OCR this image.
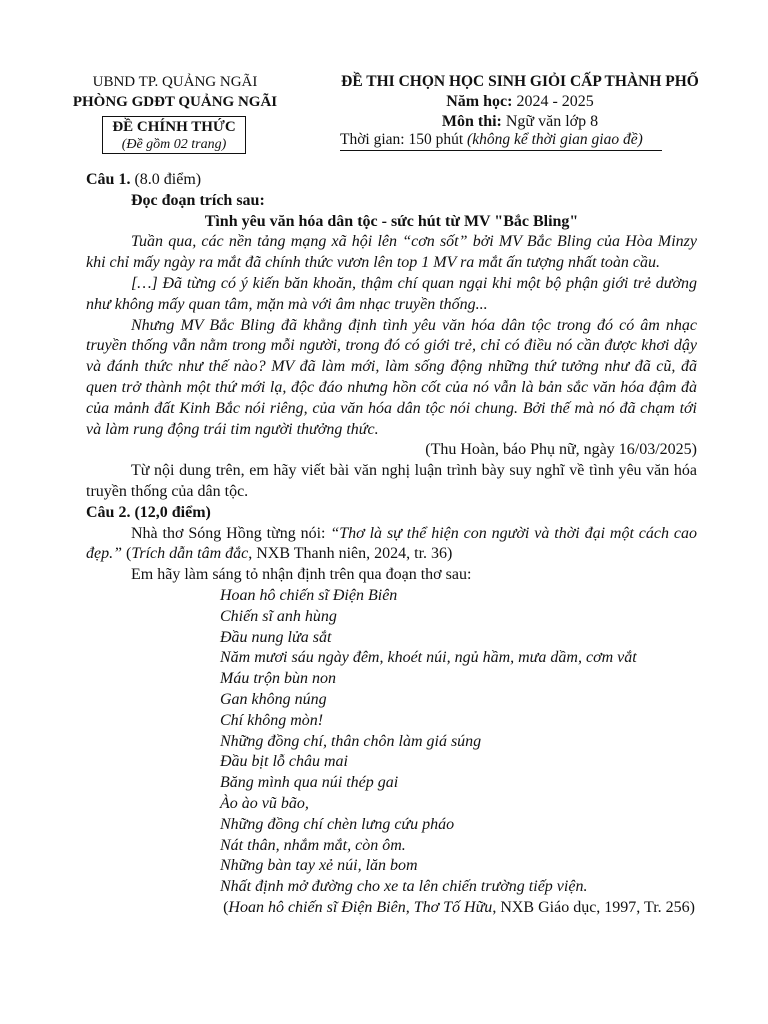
UBND TP. QUẢNG NGÃI
PHÒNG GDĐT QUẢNG NGÃI
ĐỀ CHÍNH THỨC
(Đề gồm 02 trang)
ĐỀ THI CHỌN HỌC SINH GIỎI CẤP THÀNH PHỐ
Năm học: 2024 - 2025
Môn thi: Ngữ văn lớp 8
Thời gian: 150 phút (không kể thời gian giao đề)

Câu 1. (8.0 điểm)

Đọc đoạn trích sau:

Tình yêu văn hóa dân tộc - sức hút từ MV "Bắc Bling"

Tuần qua, các nền tảng mạng xã hội lên “cơn sốt” bởi MV Bắc Bling của Hòa Minzy khi chỉ mấy ngày ra mắt đã chính thức vươn lên top 1 MV ra mắt ấn tượng nhất toàn cầu.

[…] Đã từng có ý kiến băn khoăn, thậm chí quan ngại khi một bộ phận giới trẻ dường như không mấy quan tâm, mặn mà với âm nhạc truyền thống...

Nhưng MV Bắc Bling đã khẳng định tình yêu văn hóa dân tộc trong đó có âm nhạc truyền thống vẫn nằm trong mỗi người, trong đó có giới trẻ, chỉ có điều nó cần được khơi dậy và đánh thức như thế nào? MV đã làm mới, làm sống động những thứ tưởng như đã cũ, đã quen trở thành một thứ mới lạ, độc đáo nhưng hồn cốt của nó vẫn là bản sắc văn hóa đậm đà của mảnh đất Kinh Bắc nói riêng, của văn hóa dân tộc nói chung. Bởi thế mà nó đã chạm tới và làm rung động trái tim người thưởng thức.

(Thu Hoàn, báo Phụ nữ, ngày 16/03/2025)

Từ nội dung trên, em hãy viết bài văn nghị luận trình bày suy nghĩ về tình yêu văn hóa truyền thống của dân tộc.

Câu 2. (12,0 điểm)

Nhà thơ Sóng Hồng từng nói: “Thơ là sự thể hiện con người và thời đại một cách cao đẹp.” (Trích dẫn tâm đắc, NXB Thanh niên, 2024, tr. 36)

Em hãy làm sáng tỏ nhận định trên qua đoạn thơ sau:

Hoan hô chiến sĩ Điện Biên
Chiến sĩ anh hùng
Đầu nung lửa sắt
Năm mươi sáu ngày đêm, khoét núi, ngủ hầm, mưa dầm, cơm vắt
Máu trộn bùn non
Gan không núng
Chí không mòn!
Những đồng chí, thân chôn làm giá súng
Đầu bịt lỗ châu mai
Băng mình qua núi thép gai
Ào ào vũ bão,
Những đồng chí chèn lưng cứu pháo
Nát thân, nhắm mắt, còn ôm.
Những bàn tay xẻ núi, lăn bom
Nhất định mở đường cho xe ta lên chiến trường tiếp viện.

(Hoan hô chiến sĩ Điện Biên, Thơ Tố Hữu, NXB Giáo dục, 1997, Tr. 256)
